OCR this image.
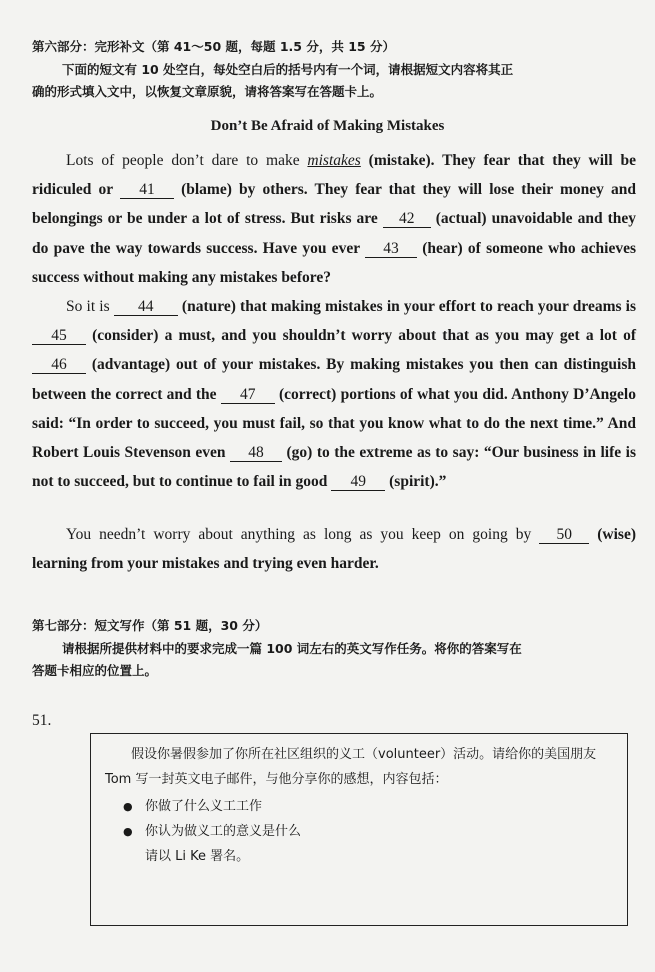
第六部分：完形补文（第 41～50 题，每题 1.5 分，共 15 分）
下面的短文有 10 处空白，每处空白后的括号内有一个词，请根据短文内容将其正
确的形式填入文中，以恢复文章原貌，请将答案写在答题卡上。
Don’t Be Afraid of Making Mistakes
Lots of people don’t dare to make mistakes (mistake). They fear that they will be ridiculed or 41 (blame) by others. They fear that they will lose their money and belongings or be under a lot of stress. But risks are 42 (actual) unavoidable and they do pave the way towards success. Have you ever 43 (hear) of someone who achieves success without making any mistakes before?
So it is 44 (nature) that making mistakes in your effort to reach your dreams is 45 (consider) a must, and you shouldn’t worry about that as you may get a lot of 46 (advantage) out of your mistakes. By making mistakes you then can distinguish between the correct and the 47 (correct) portions of what you did. Anthony D’Angelo said: “In order to succeed, you must fail, so that you know what to do the next time.” And Robert Louis Stevenson even 48 (go) to the extreme as to say: “Our business in life is not to succeed, but to continue to fail in good 49 (spirit).”
You needn’t worry about anything as long as you keep on going by 50 (wise) learning from your mistakes and trying even harder.
第七部分：短文写作（第 51 题，30 分）
请根据所提供材料中的要求完成一篇 100 词左右的英文写作任务。将你的答案写在
答题卡相应的位置上。
51.
假设你暑假参加了你所在社区组织的义工（volunteer）活动。请给你的美国朋友 Tom 写一封英文电子邮件，与他分享你的感想，内容包括：
● 你做了什么义工工作
● 你认为做义工的意义是什么
请以 Li Ke 署名。
